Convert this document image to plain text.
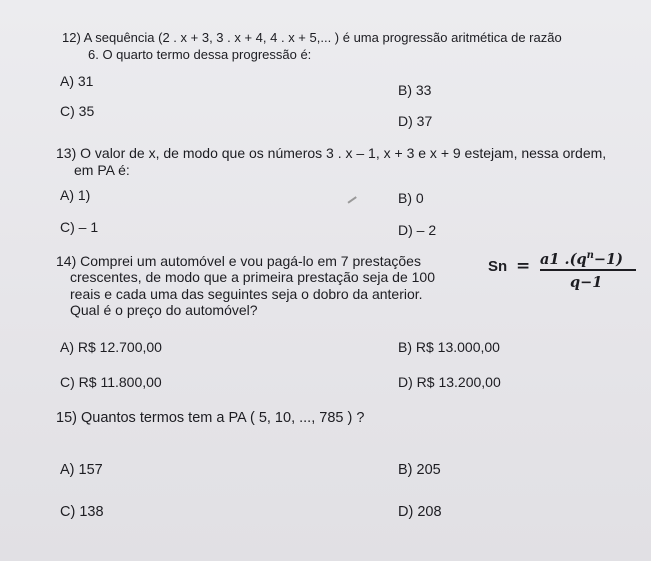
12) A sequência (2 . x + 3, 3 . x + 4, 4 . x + 5,... ) é uma progressão aritmética de razão
6. O quarto termo dessa progressão é:
A) 31
B) 33
C) 35
D) 37
13) O valor de x, de modo que os números 3 . x – 1, x + 3 e x + 9 estejam, nessa ordem,
em PA é:
A) 1)	B) 0
C) – 1	D) – 2
14) Comprei um automóvel e vou pagá-lo em 7 prestações
crescentes, de modo que a primeira prestação seja de 100
reais e cada uma das seguintes seja o dobro da anterior.
Qual é o preço do automóvel?
Sn = a1 $.(q^n-1)$
q−1
A) R$ 12.700,00	B) R$ 13.000,00
C) R$ 11.800,00	D) R$ 13.200,00
15) Quantos termos tem a PA ( 5, 10, ..., 785 ) ?
A) 157	B) 205
C) 138	D) 208
